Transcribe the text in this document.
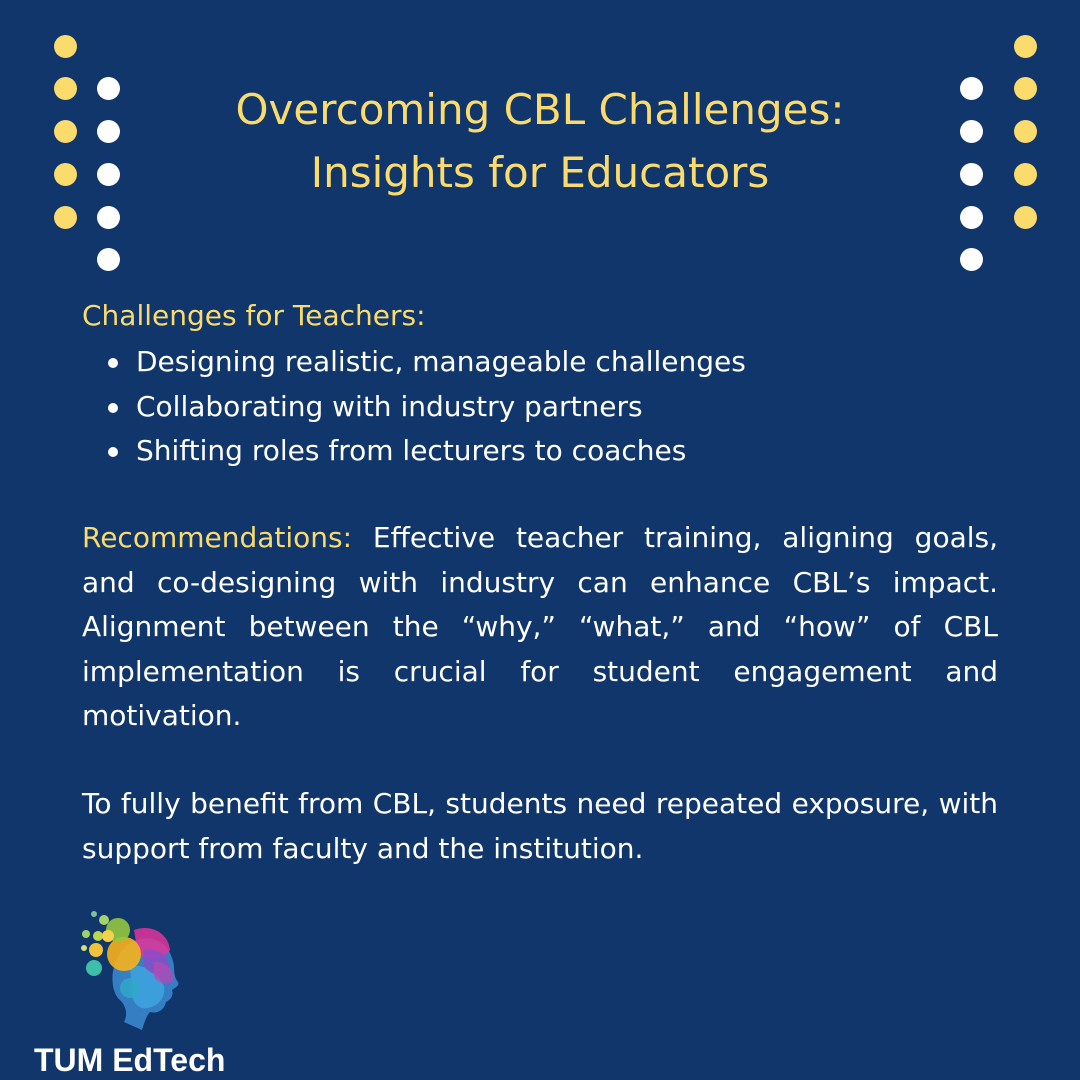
Overcoming CBL Challenges:
Insights for Educators
Challenges for Teachers:
Designing realistic, manageable challenges
Collaborating with industry partners
Shifting roles from lecturers to coaches

Recommendations: Effective teacher training, aligning goals, and co-designing with industry can enhance CBL’s impact. Alignment between the “why,” “what,” and “how” of CBL implementation is crucial for student engagement and motivation.

To fully benefit from CBL, students need repeated exposure, with support from faculty and the institution.

TUM EdTech
